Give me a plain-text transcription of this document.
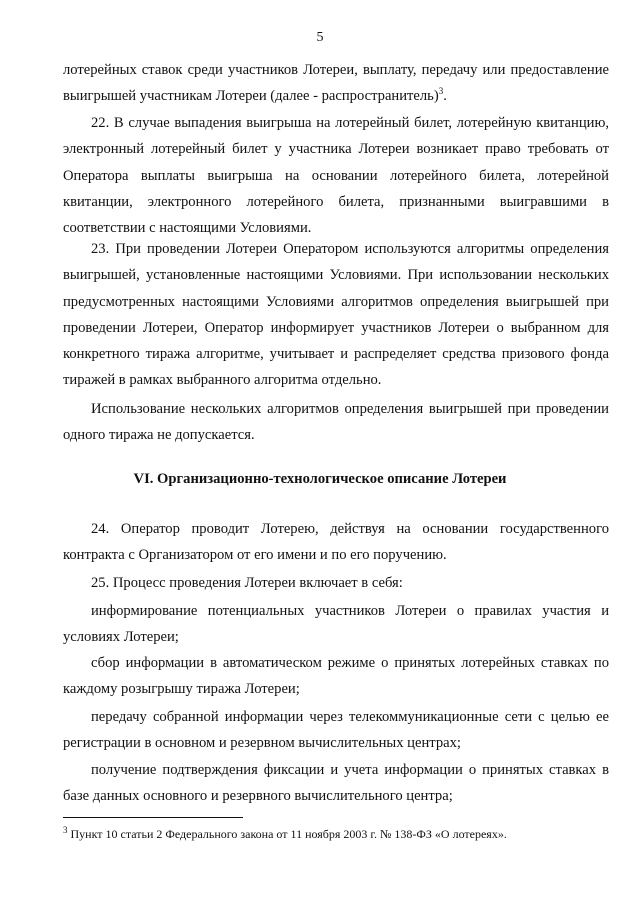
5

лотерейных ставок среди участников Лотереи, выплату, передачу или предоставление выигрышей участникам Лотереи (далее - распространитель)$^3$.

22. В случае выпадения выигрыша на лотерейный билет, лотерейную квитанцию, электронный лотерейный билет у участника Лотереи возникает право требовать от Оператора выплаты выигрыша на основании лотерейного билета, лотерейной квитанции, электронного лотерейного билета, признанными выигравшими в соответствии с настоящими Условиями.

23. При проведении Лотереи Оператором используются алгоритмы определения выигрышей, установленные настоящими Условиями. При использовании нескольких предусмотренных настоящими Условиями алгоритмов определения выигрышей при проведении Лотереи, Оператор информирует участников Лотереи о выбранном для конкретного тиража алгоритме, учитывает и распределяет средства призового фонда тиражей в рамках выбранного алгоритма отдельно.

Использование нескольких алгоритмов определения выигрышей при проведении одного тиража не допускается.

VI. Организационно-технологическое описание Лотереи

24. Оператор проводит Лотерею, действуя на основании государственного контракта с Организатором от его имени и по его поручению.

25. Процесс проведения Лотереи включает в себя:

информирование потенциальных участников Лотереи о правилах участия и условиях Лотереи;

сбор информации в автоматическом режиме о принятых лотерейных ставках по каждому розыгрышу тиража Лотереи;

передачу собранной информации через телекоммуникационные сети с целью ее регистрации в основном и резервном вычислительных центрах;

получение подтверждения фиксации и учета информации о принятых ставках в базе данных основного и резервного вычислительного центра;

$^3$ Пункт 10 статьи 2 Федерального закона от 11 ноября 2003 г. № 138-ФЗ «О лотереях».
